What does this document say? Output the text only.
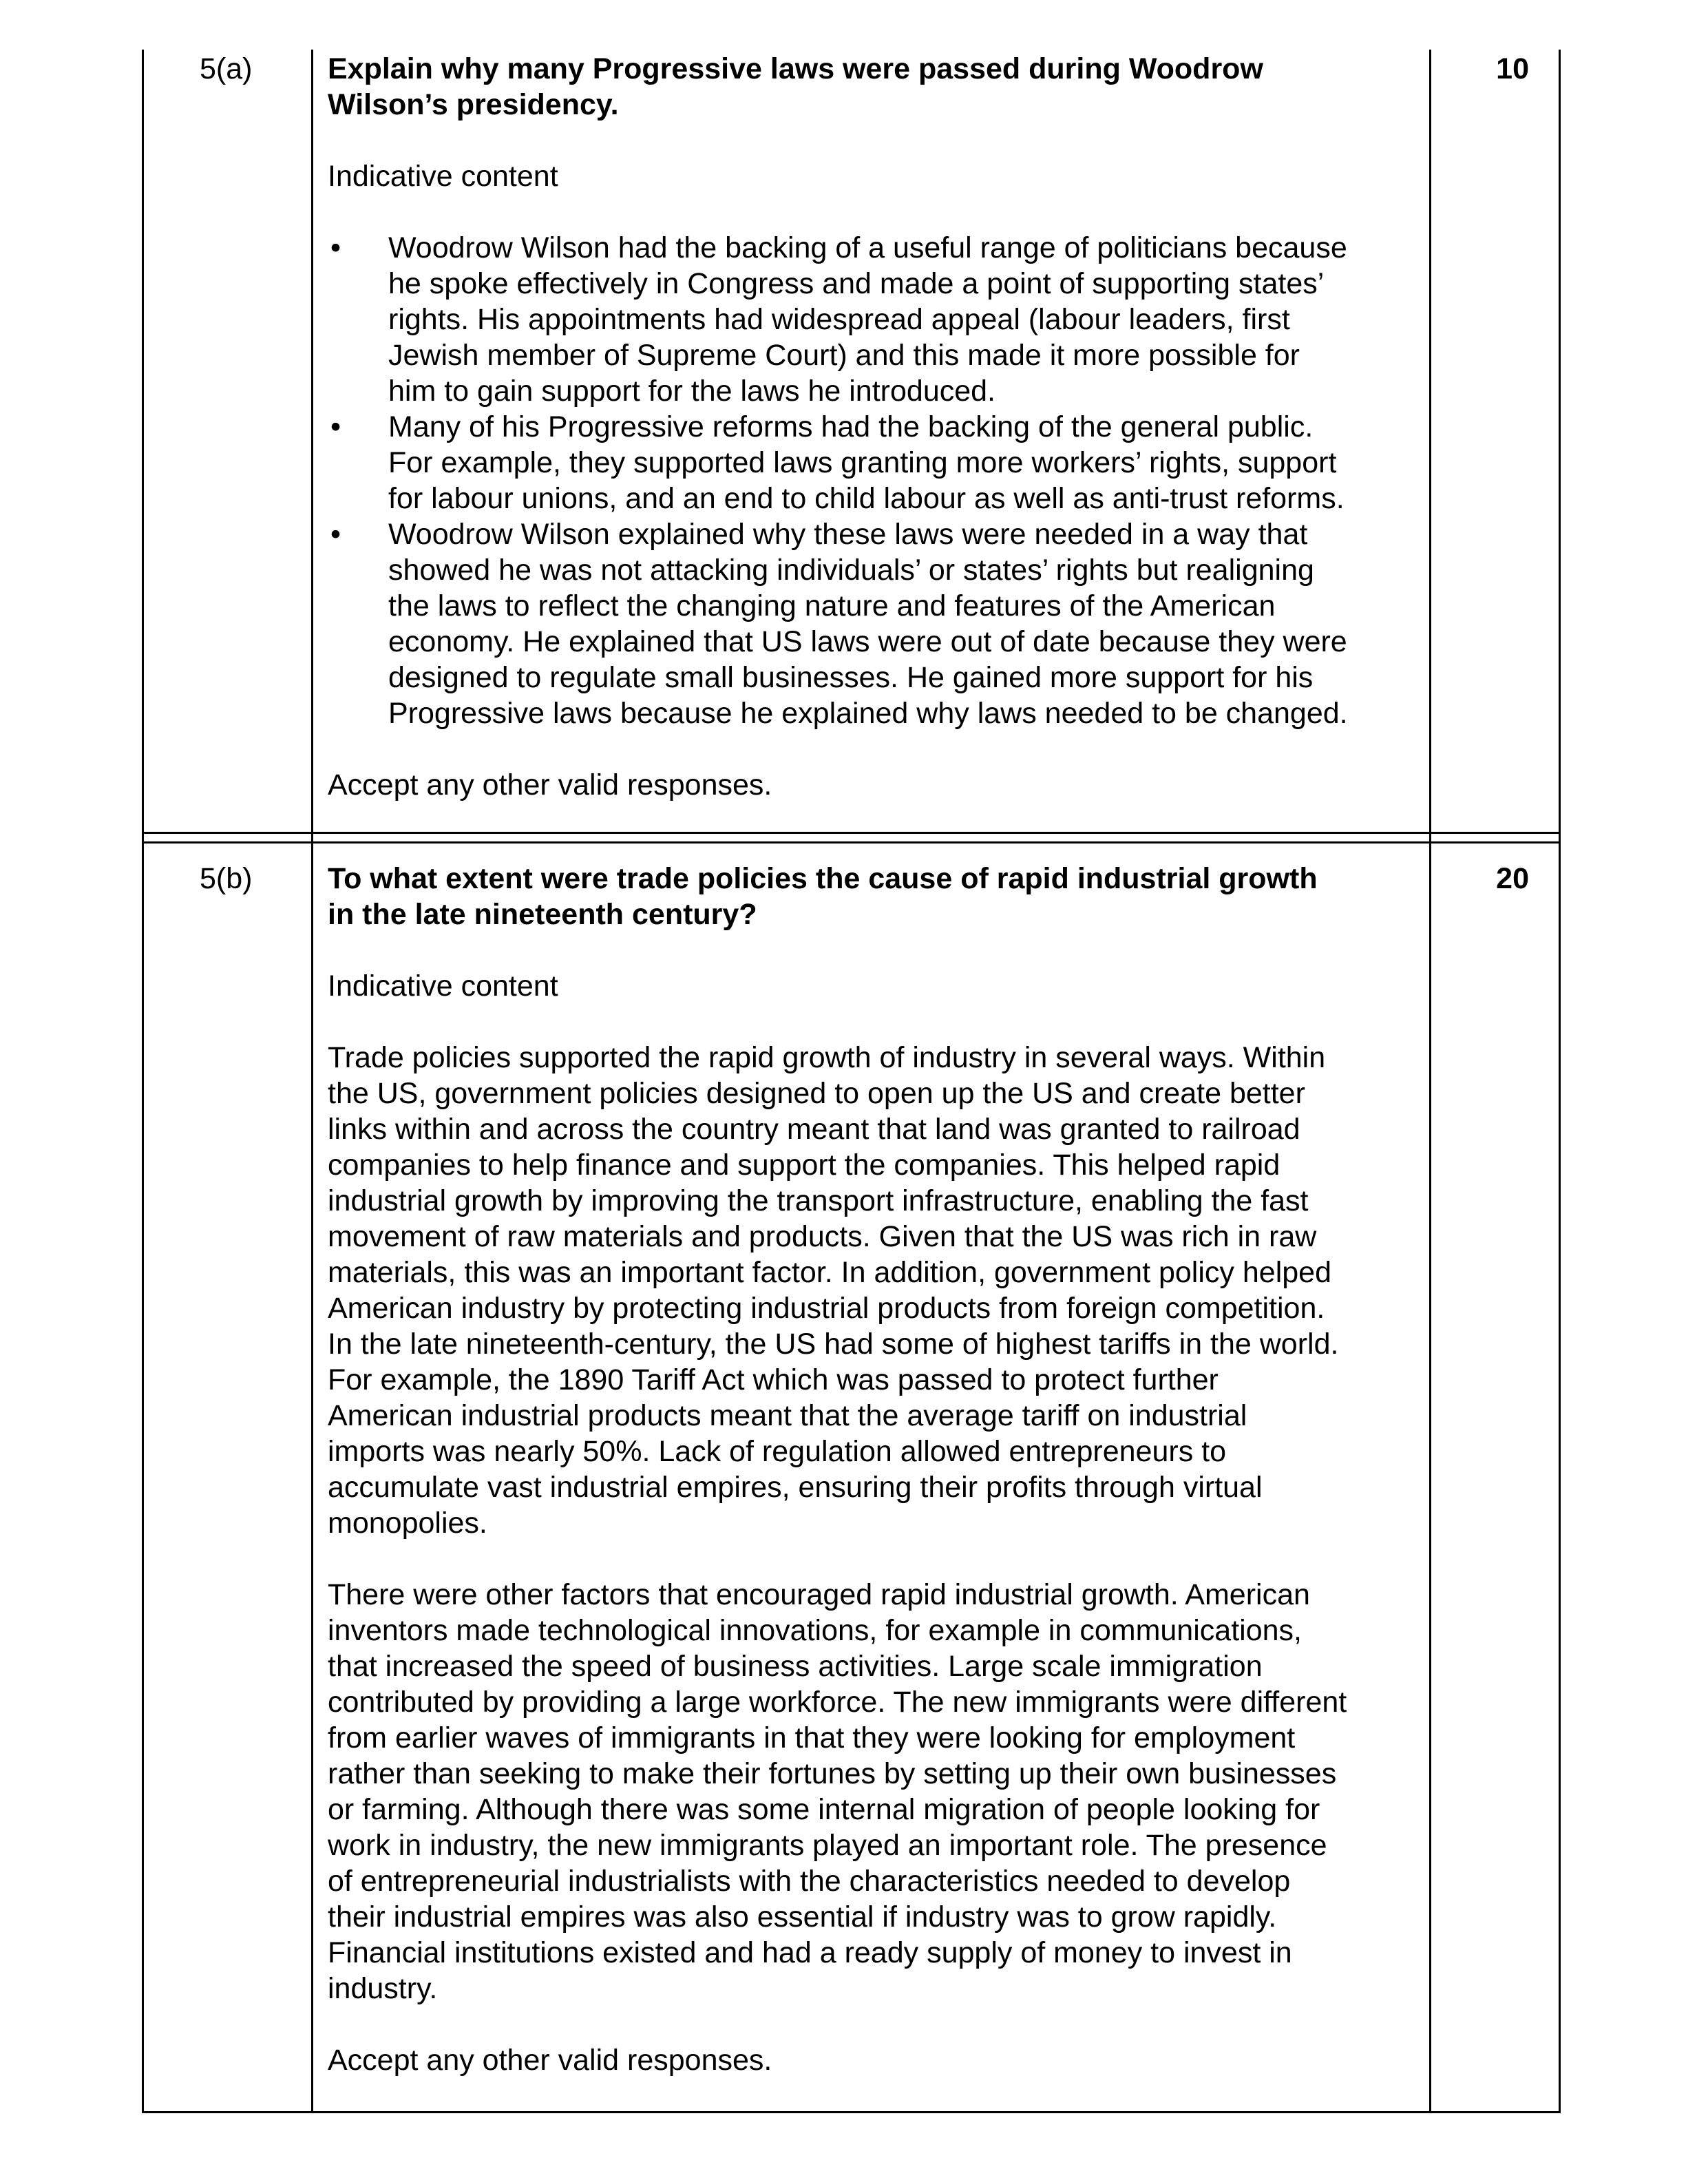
5(a)	10

Explain why many Progressive laws were passed during Woodrow
Wilson’s presidency.

Indicative content

• Woodrow Wilson had the backing of a useful range of politicians because
he spoke effectively in Congress and made a point of supporting states’
rights. His appointments had widespread appeal (labour leaders, first
Jewish member of Supreme Court) and this made it more possible for
him to gain support for the laws he introduced.
• Many of his Progressive reforms had the backing of the general public.
For example, they supported laws granting more workers’ rights, support
for labour unions, and an end to child labour as well as anti-trust reforms.
• Woodrow Wilson explained why these laws were needed in a way that
showed he was not attacking individuals’ or states’ rights but realigning
the laws to reflect the changing nature and features of the American
economy. He explained that US laws were out of date because they were
designed to regulate small businesses. He gained more support for his
Progressive laws because he explained why laws needed to be changed.

Accept any other valid responses.

5(b)	20

To what extent were trade policies the cause of rapid industrial growth
in the late nineteenth century?

Indicative content

Trade policies supported the rapid growth of industry in several ways. Within
the US, government policies designed to open up the US and create better
links within and across the country meant that land was granted to railroad
companies to help finance and support the companies. This helped rapid
industrial growth by improving the transport infrastructure, enabling the fast
movement of raw materials and products. Given that the US was rich in raw
materials, this was an important factor. In addition, government policy helped
American industry by protecting industrial products from foreign competition.
In the late nineteenth-century, the US had some of highest tariffs in the world.
For example, the 1890 Tariff Act which was passed to protect further
American industrial products meant that the average tariff on industrial
imports was nearly 50%. Lack of regulation allowed entrepreneurs to
accumulate vast industrial empires, ensuring their profits through virtual
monopolies.

There were other factors that encouraged rapid industrial growth. American
inventors made technological innovations, for example in communications,
that increased the speed of business activities. Large scale immigration
contributed by providing a large workforce. The new immigrants were different
from earlier waves of immigrants in that they were looking for employment
rather than seeking to make their fortunes by setting up their own businesses
or farming. Although there was some internal migration of people looking for
work in industry, the new immigrants played an important role. The presence
of entrepreneurial industrialists with the characteristics needed to develop
their industrial empires was also essential if industry was to grow rapidly.
Financial institutions existed and had a ready supply of money to invest in
industry.

Accept any other valid responses.
